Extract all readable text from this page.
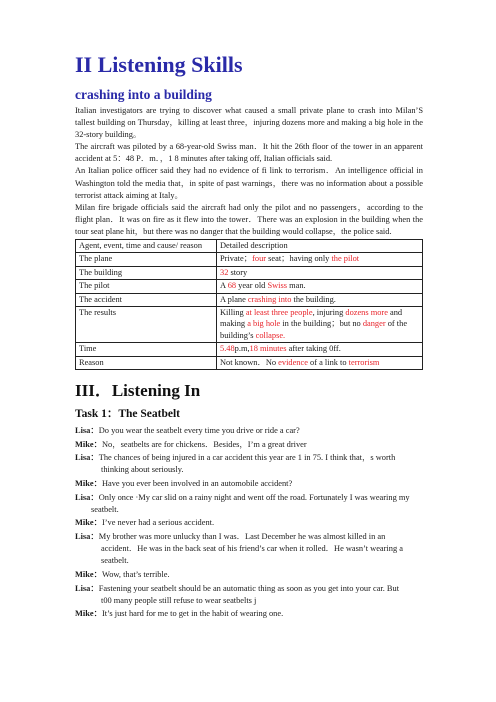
II Listening Skills
crashing into a building

Italian investigators are trying to discover what caused a small private plane to crash into Milan’S tallest building on Thursday，killing at least three，injuring dozens more and making a big hole in the 32-story building。

The aircraft was piloted by a 68-year-old Swiss man．It hit the 26th floor of the tower in an apparent accident at 5：48 P．m．，1 8 minutes after taking off, Italian officials said.

An Italian police officer said they had no evidence of fi link to terrorism．An intelligence official in Washington told the media that，in spite of past warnings，there was no information about a possible terrorist attack aiming at Italy。

Milan fire brigade officials said the aircraft had only the pilot and no passengers，according to the flight plan．It was on fire as it flew into the tower．There was an explosion in the building when the tour seat plane hit，but there was no danger that the building would collapse，the police said.

Agent, event, time and cause/ reason	Detailed description
The plane	Private；four seat；having only the pilot
The building	32 story
The pilot	A 68 year old Swiss man.
The accident	A plane crashing into the building.
The results	Killing at least three people, injuring dozens more and making a big hole in the building；but no danger of the building’s collapse.
Time	5.48p.m,18 minutes after taking 0ff.
Reason	Not known．No evidence of a link to terrorism
III．Listening In
Task 1：The Seatbelt
Lisa：Do you wear the seatbelt every time you drive or ride a car?
Mike：No，seatbelts are for chickens．Besides，I’m a great driver
Lisa：The chances of being injured in a car accident this year are 1 in 75. I think that，s worth
thinking about seriously.
Mike：Have you ever been involved in an automobile accident?
Lisa：Only once ·My car slid on a rainy night and went off the road. Fortunately I was wearing my
seatbelt.
Mike：I’ve never had a serious accident.
Lisa：My brother was more unlucky than I was．Last December he was almost killed in an
accident．He was in the back seat of his friend’s car when it rolled．He wasn’t wearing a
seatbelt.
Mike：Wow, that’s terrible.
Lisa：Fastening your seatbelt should be an automatic thing as soon as you get into your car. But
t00 many people still refuse to wear seatbelts j
Mike：It’s just hard for me to get in the habit of wearing one.
